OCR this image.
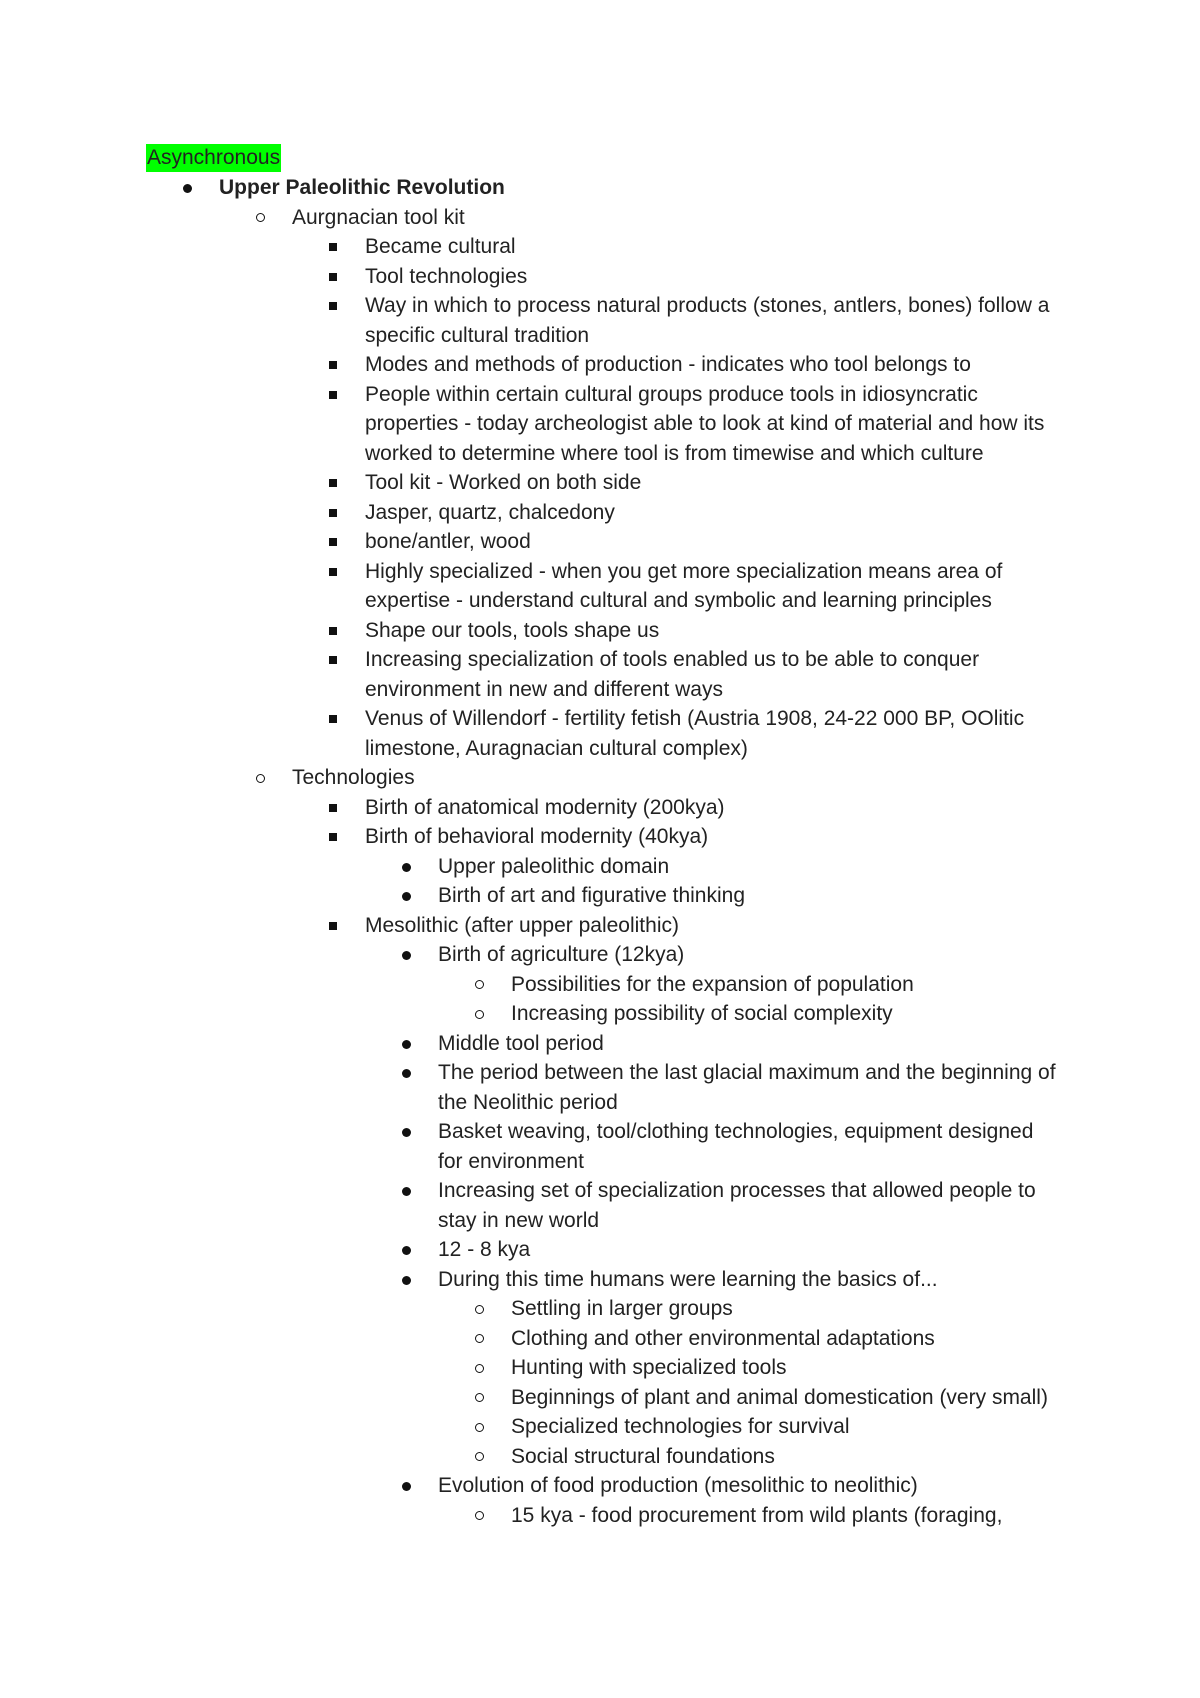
Asynchronous
Upper Paleolithic Revolution
Aurgnacian tool kit
Became cultural
Tool technologies
Way in which to process natural products (stones, antlers, bones) follow a specific cultural tradition
Modes and methods of production - indicates who tool belongs to
People within certain cultural groups produce tools in idiosyncratic properties - today archeologist able to look at kind of material and how its worked to determine where tool is from timewise and which culture
Tool kit - Worked on both side
Jasper, quartz, chalcedony
bone/antler, wood
Highly specialized - when you get more specialization means area of expertise - understand cultural and symbolic and learning principles
Shape our tools, tools shape us
Increasing specialization of tools enabled us to be able to conquer environment in new and different ways
Venus of Willendorf - fertility fetish (Austria 1908, 24-22 000 BP, OOlitic limestone, Auragnacian cultural complex)
Technologies
Birth of anatomical modernity (200kya)
Birth of behavioral modernity (40kya)
Upper paleolithic domain
Birth of art and figurative thinking
Mesolithic (after upper paleolithic)
Birth of agriculture (12kya)
Possibilities for the expansion of population
Increasing possibility of social complexity
Middle tool period
The period between the last glacial maximum and the beginning of the Neolithic period
Basket weaving, tool/clothing technologies, equipment designed for environment
Increasing set of specialization processes that allowed people to stay in new world
12 - 8 kya
During this time humans were learning the basics of...
Settling in larger groups
Clothing and other environmental adaptations
Hunting with specialized tools
Beginnings of plant and animal domestication (very small)
Specialized technologies for survival
Social structural foundations
Evolution of food production (mesolithic to neolithic)
15 kya - food procurement from wild plants (foraging,
